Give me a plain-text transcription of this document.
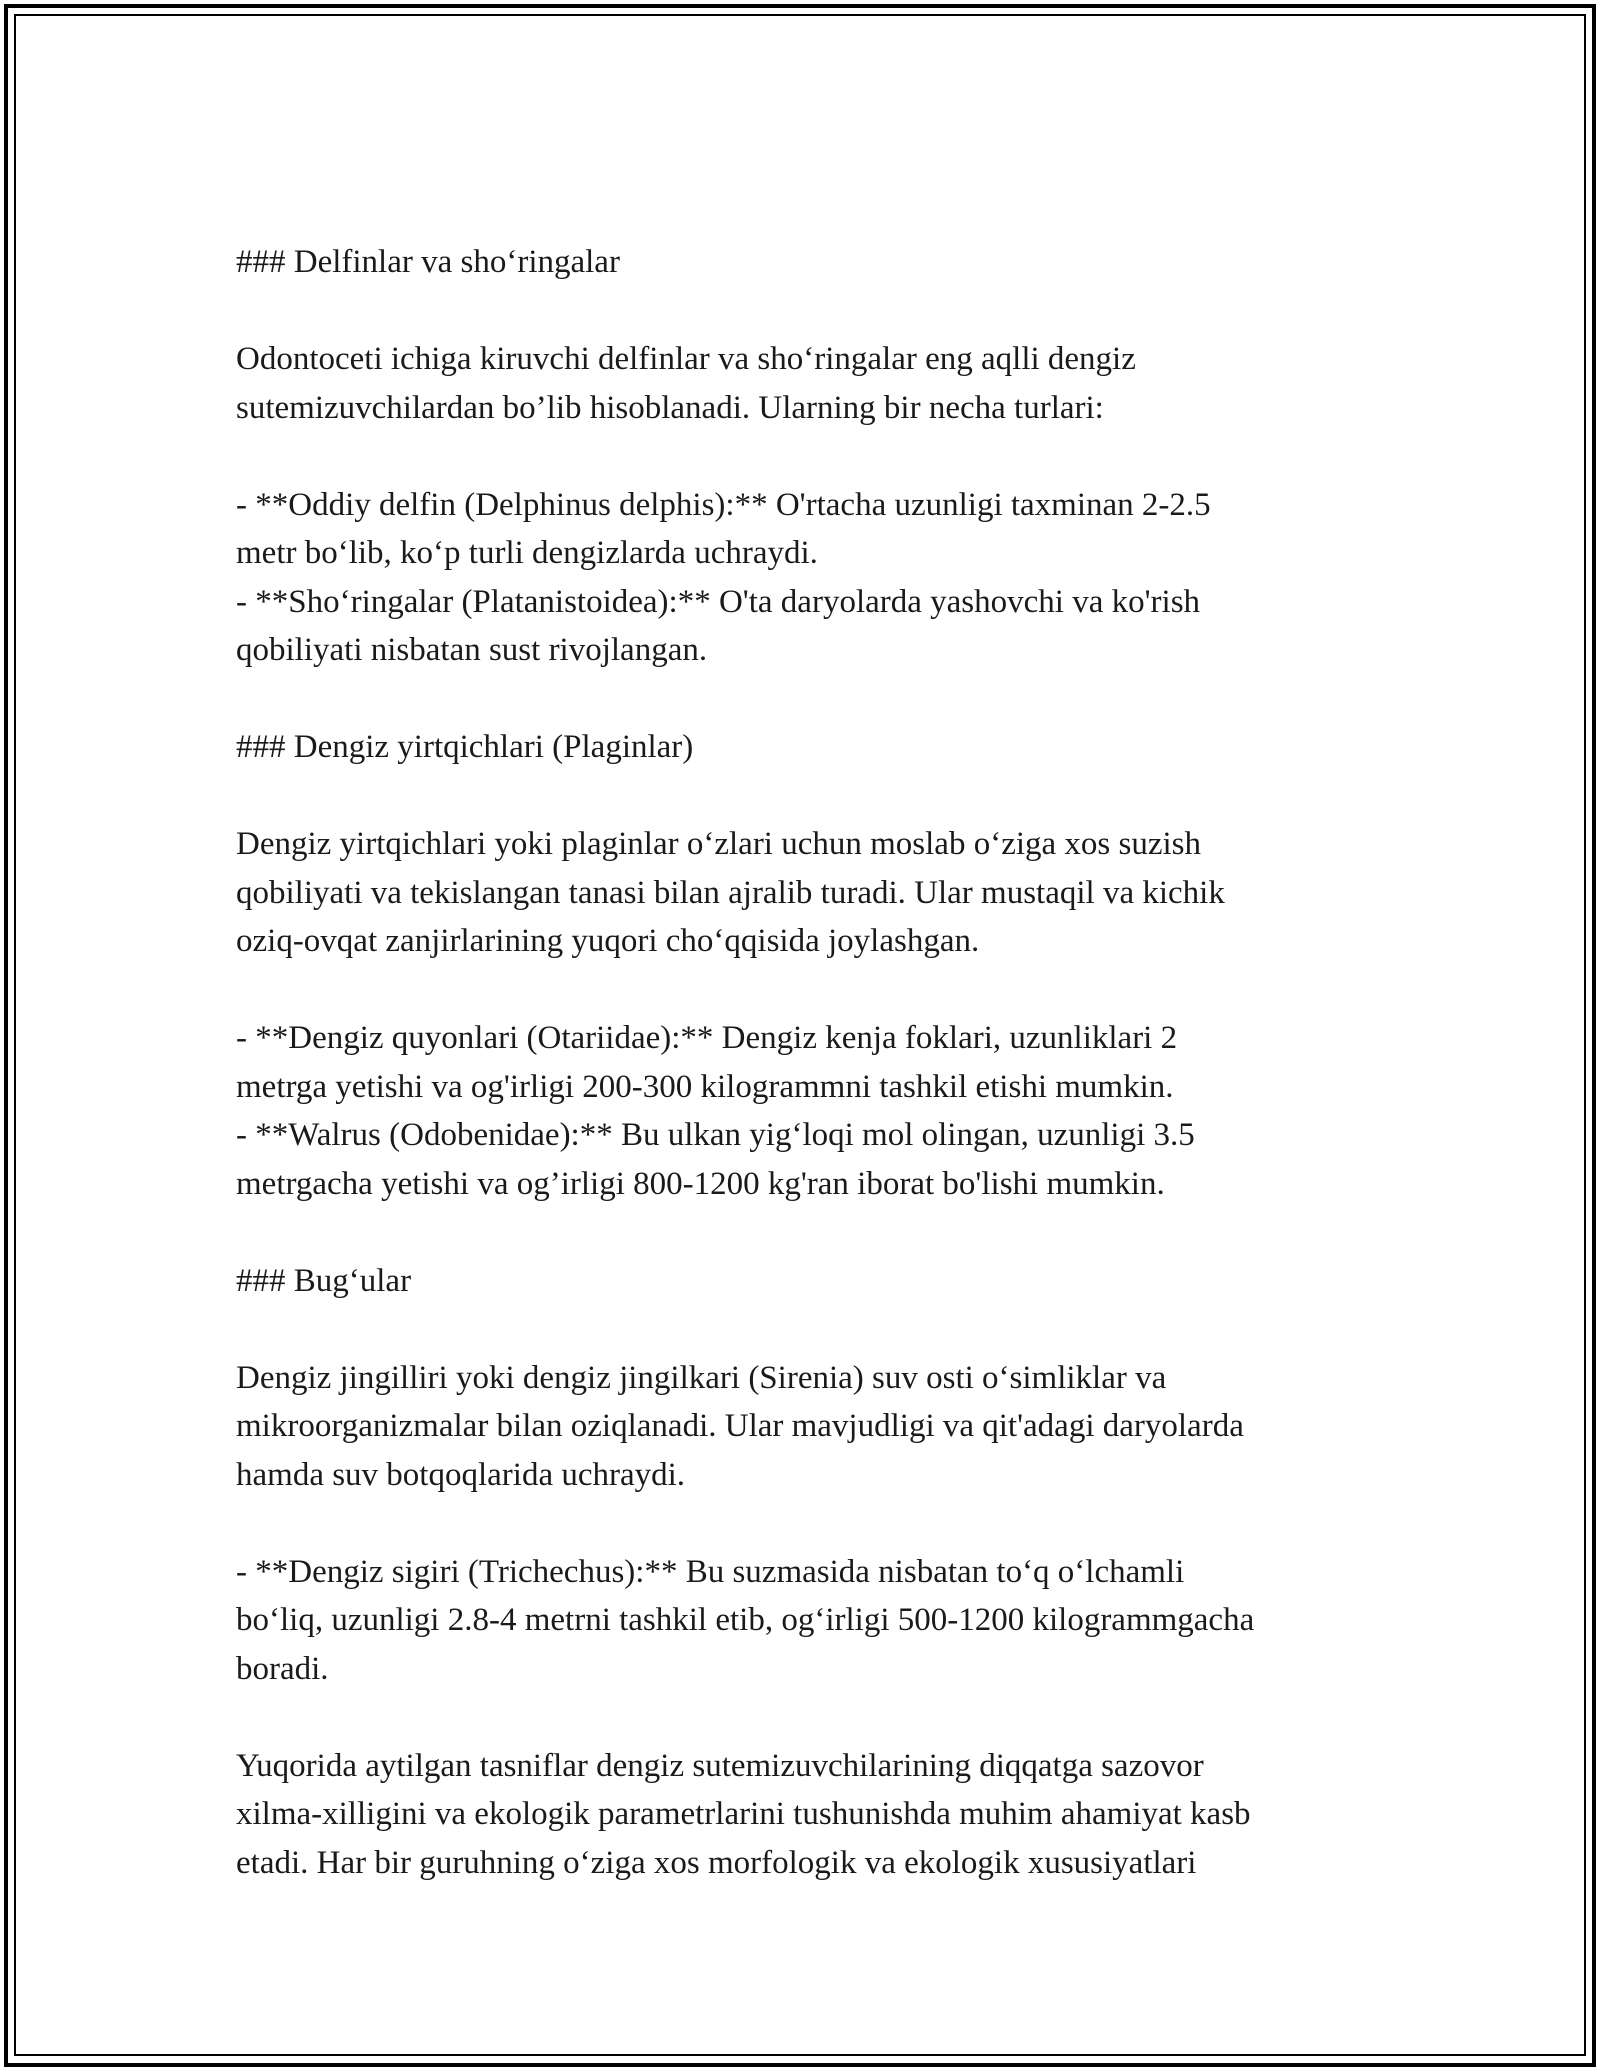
### Delfinlar va sho‘ringalar

Odontoceti ichiga kiruvchi delfinlar va sho‘ringalar eng aqlli dengiz
sutemizuvchilardan bo’lib hisoblanadi. Ularning bir necha turlari:

- **Oddiy delfin (Delphinus delphis):** O'rtacha uzunligi taxminan 2-2.5
metr bo‘lib, ko‘p turli dengizlarda uchraydi.
- **Sho‘ringalar (Platanistoidea):** O'ta daryolarda yashovchi va ko'rish
qobiliyati nisbatan sust rivojlangan.

### Dengiz yirtqichlari (Plaginlar)

Dengiz yirtqichlari yoki plaginlar o‘zlari uchun moslab o‘ziga xos suzish
qobiliyati va tekislangan tanasi bilan ajralib turadi. Ular mustaqil va kichik
oziq-ovqat zanjirlarining yuqori cho‘qqisida joylashgan.

- **Dengiz quyonlari (Otariidae):** Dengiz kenja foklari, uzunliklari 2
metrga yetishi va og'irligi 200-300 kilogrammni tashkil etishi mumkin.
- **Walrus (Odobenidae):** Bu ulkan yig‘loqi mol olingan, uzunligi 3.5
metrgacha yetishi va og’irligi 800-1200 kg'ran iborat bo'lishi mumkin.

### Bug‘ular

Dengiz jingilliri yoki dengiz jingilkari (Sirenia) suv osti o‘simliklar va
mikroorganizmalar bilan oziqlanadi. Ular mavjudligi va qit'adagi daryolarda
hamda suv botqoqlarida uchraydi.

- **Dengiz sigiri (Trichechus):** Bu suzmasida nisbatan to‘q o‘lchamli
bo‘liq, uzunligi 2.8-4 metrni tashkil etib, og‘irligi 500-1200 kilogrammgacha
boradi.

Yuqorida aytilgan tasniflar dengiz sutemizuvchilarining diqqatga sazovor
xilma-xilligini va ekologik parametrlarini tushunishda muhim ahamiyat kasb
etadi. Har bir guruhning o‘ziga xos morfologik va ekologik xususiyatlari
